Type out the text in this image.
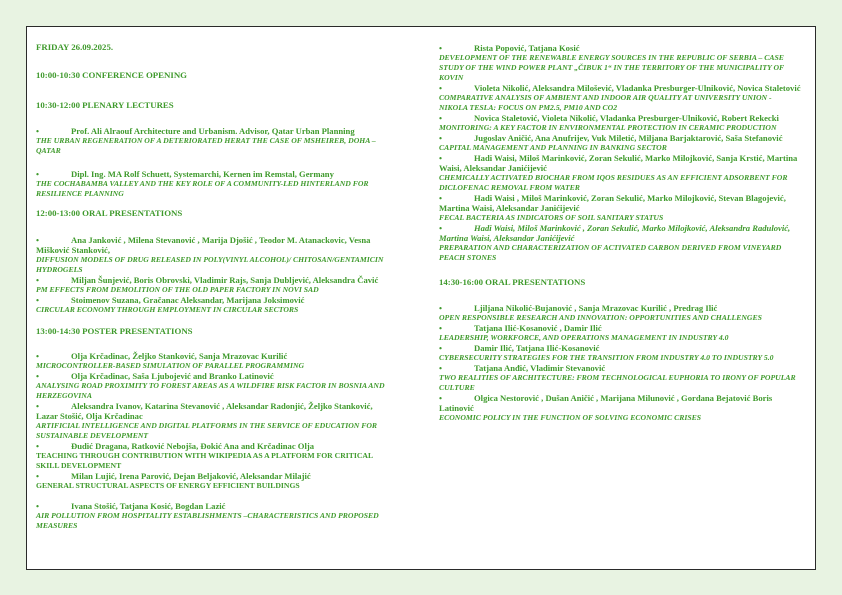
FRIDAY 26.09.2025.
10:00-10:30 CONFERENCE OPENING
10:30-12:00 PLENARY LECTURES
• Prof. Ali Alraouf Architecture and Urbanism. Advisor, Qatar Urban Planning
THE URBAN REGENERATION OF A DETERIORATED HERAT THE CASE OF MSHEIREB, DOHA – QATAR
• Dipl. Ing. MA Rolf Schuett, Systemarchi, Kernen im Remstal, Germany
THE COCHABAMBA VALLEY AND THE KEY ROLE OF A COMMUNITY-LED HINTERLAND FOR RESILIENCE PLANNING
12:00-13:00 ORAL PRESENTATIONS
• Ana Janković , Milena Stevanović , Marija Djošić , Teodor M. Atanackovic, Vesna Mišković Stanković,
DIFFUSION MODELS OF DRUG RELEASED IN POLY(VINYL ALCOHOL)/ CHITOSAN/GENTAMICIN HYDROGELS
• Miljan Šunjević, Boris Obrovski, Vladimir Rajs, Sanja Dubljević, Aleksandra Čavić
PM EFFECTS FROM DEMOLITION OF THE OLD PAPER FACTORY IN NOVI SAD
• Stoimenov Suzana, Gračanac Aleksandar, Marijana Joksimović
CIRCULAR ECONOMY THROUGH EMPLOYMENT IN CIRCULAR SECTORS
13:00-14:30 POSTER PRESENTATIONS
• Olja Krčadinac, Željko Stanković, Sanja Mrazovac Kurilić
MICROCONTROLLER-BASED SIMULATION OF PARALLEL PROGRAMMING
• Olja Krčadinac, Saša Ljubojević and Branko Latinović
ANALYSING ROAD PROXIMITY TO FOREST AREAS AS A WILDFIRE RISK FACTOR IN BOSNIA AND HERZEGOVINA
• Aleksandra Ivanov, Katarina Stevanović , Aleksandar Radonjić, Željko Stanković, Lazar Stošić, Olja Krčadinac
ARTIFICIAL INTELLIGENCE AND DIGITAL PLATFORMS IN THE SERVICE OF EDUCATION FOR SUSTAINABLE DEVELOPMENT
• Đudić Dragana, Ratković Nebojša, Đokić Ana and Krčadinac Olja
TEACHING THROUGH CONTRIBUTION WITH WIKIPEDIA AS A PLATFORM FOR CRITICAL SKILL DEVELOPMENT
• Milan Lujić, Irena Parović, Dejan Beljaković, Aleksandar Milajić
GENERAL STRUCTURAL ASPECTS OF ENERGY EFFICIENT BUILDINGS
• Ivana Stošić, Tatjana Kosić, Bogdan Lazić
AIR POLLUTION FROM HOSPITALITY ESTABLISHMENTS –CHARACTERISTICS AND PROPOSED MEASURES
• Rista Popović, Tatjana Kosić
DEVELOPMENT OF THE RENEWABLE ENERGY SOURCES IN THE REPUBLIC OF SERBIA – CASE STUDY OF THE WIND POWER PLANT „ČIBUK 1“ IN THE TERRITORY OF THE MUNICIPALITY OF KOVIN
• Violeta Nikolić, Aleksandra Milošević, Vladanka Presburger-Ulniković, Novica Staletović
COMPARATIVE ANALYSIS OF AMBIENT AND INDOOR AIR QUALITY AT UNIVERSITY UNION - NIKOLA TESLA: FOCUS ON PM2.5, PM10 AND CO2
• Novica Staletović, Violeta Nikolić, Vladanka Presburger-Ulniković, Robert Rekecki
MONITORING: A KEY FACTOR IN ENVIRONMENTAL PROTECTION IN CERAMIC PRODUCTION
• Jugoslav Aničić, Ana Anufrijev, Vuk Miletić, Miljana Barjaktarović, Saša Stefanović
CAPITAL MANAGEMENT AND PLANNING IN BANKING SECTOR
• Hadi Waisi, Miloš Marinković, Zoran Sekulić, Marko Milojković, Sanja Krstić, Martina Waisi, Aleksandar Janićijević
CHEMICALLY ACTIVATED BIOCHAR FROM IQOS RESIDUES AS AN EFFICIENT ADSORBENT FOR DICLOFENAC REMOVAL FROM WATER
• Hadi Waisi , Miloš Marinković, Zoran Sekulić, Marko Milojković, Stevan Blagojević, Martina Waisi, Aleksandar Janićijević
FECAL BACTERIA AS INDICATORS OF SOIL SANITARY STATUS
• Hadi Waisi, Miloš Marinković , Zoran Sekulić, Marko Milojković, Aleksandra Radulović, Martina Waisi, Aleksandar Janićijević
PREPARATION AND CHARACTERIZATION OF ACTIVATED CARBON DERIVED FROM VINEYARD PEACH STONES
14:30-16:00 ORAL PRESENTATIONS
• Ljiljana Nikolić-Bujanović , Sanja Mrazovac Kurilić , Predrag Ilić
OPEN RESPONSIBLE RESEARCH AND INNOVATION: OPPORTUNITIES AND CHALLENGES
• Tatjana Ilić-Kosanović , Damir Ilić
LEADERSHIP, WORKFORCE, AND OPERATIONS MANAGEMENT IN INDUSTRY 4.0
• Damir Ilić, Tatjana Ilić-Kosanović
CYBERSECURITY STRATEGIES FOR THE TRANSITION FROM INDUSTRY 4.0 TO INDUSTRY 5.0
• Tatjana Anđić, Vladimir Stevanović
TWO REALITIES OF ARCHITECTURE: FROM TECHNOLOGICAL EUPHORIA TO IRONY OF POPULAR CULTURE
• Olgica Nestorović , Dušan Aničić , Marijana Milunović , Gordana Bejatović Boris Latinović
ECONOMIC POLICY IN THE FUNCTION OF SOLVING ECONOMIC CRISES
